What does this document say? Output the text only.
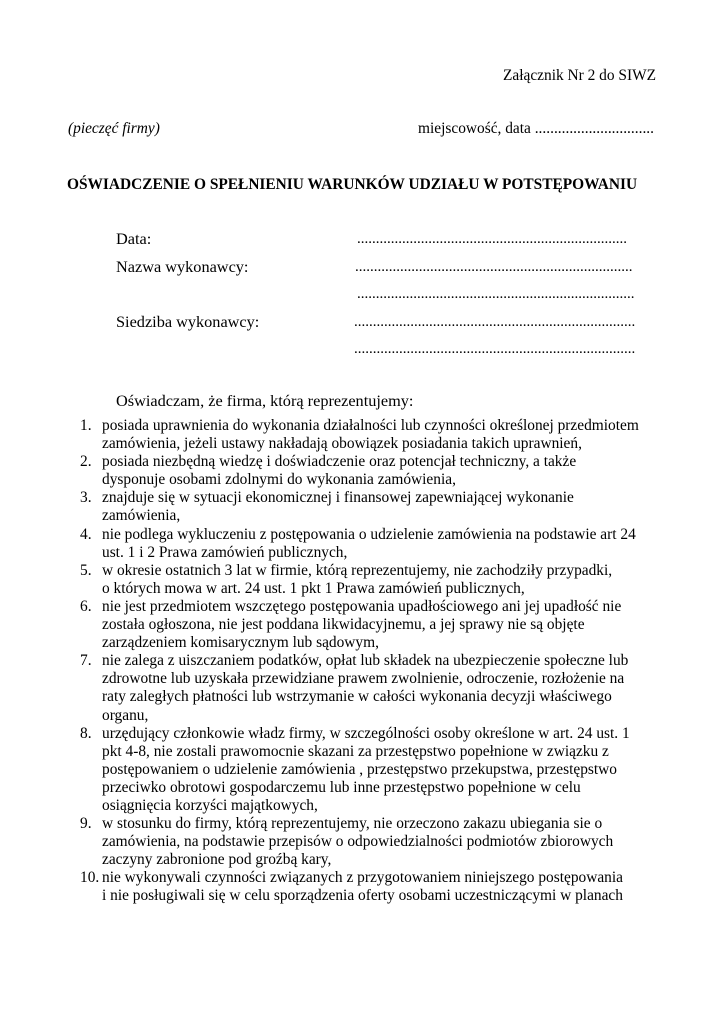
Załącznik Nr 2 do SIWZ
(pieczęć firmy)	miejscowość, data ...............................
OŚWIADCZENIE O SPEŁNIENIU WARUNKÓW UDZIAŁU W POTSTĘPOWANIU
Data:	........................................................................
Nazwa wykonawcy:	..........................................................................
..........................................................................
Siedziba wykonawcy:	...........................................................................
...........................................................................
Oświadczam, że firma, którą reprezentujemy:
1. posiada uprawnienia do wykonania działalności lub czynności określonej przedmiotem
zamówienia, jeżeli ustawy nakładają obowiązek posiadania takich uprawnień,
2. posiada niezbędną wiedzę i doświadczenie oraz potencjał techniczny, a także
dysponuje osobami zdolnymi do wykonania zamówienia,
3. znajduje się w sytuacji ekonomicznej i finansowej zapewniającej wykonanie
zamówienia,
4. nie podlega wykluczeniu z postępowania o udzielenie zamówienia na podstawie art 24
ust. 1 i 2 Prawa zamówień publicznych,
5. w okresie ostatnich 3 lat w firmie, którą reprezentujemy, nie zachodziły przypadki,
o których mowa w art. 24 ust. 1 pkt 1 Prawa zamówień publicznych,
6. nie jest przedmiotem wszczętego postępowania upadłościowego ani jej upadłość nie
została ogłoszona, nie jest poddana likwidacyjnemu, a jej sprawy nie są objęte
zarządzeniem komisarycznym lub sądowym,
7. nie zalega z uiszczaniem podatków, opłat lub składek na ubezpieczenie społeczne lub
zdrowotne lub uzyskała przewidziane prawem zwolnienie, odroczenie, rozłożenie na
raty zaległych płatności lub wstrzymanie w całości wykonania decyzji właściwego
organu,
8. urzędujący członkowie władz firmy, w szczególności osoby określone w art. 24 ust. 1
pkt 4-8, nie zostali prawomocnie skazani za przestępstwo popełnione w związku z
postępowaniem o udzielenie zamówienia , przestępstwo przekupstwa, przestępstwo
przeciwko obrotowi gospodarczemu lub inne przestępstwo popełnione w celu
osiągnięcia korzyści majątkowych,
9. w stosunku do firmy, którą reprezentujemy, nie orzeczono zakazu ubiegania sie o
zamówienia, na podstawie przepisów o odpowiedzialności podmiotów zbiorowych
zaczyny zabronione pod groźbą kary,
10. nie wykonywali czynności związanych z przygotowaniem niniejszego postępowania
i nie posługiwali się w celu sporządzenia oferty osobami uczestniczącymi w planach
